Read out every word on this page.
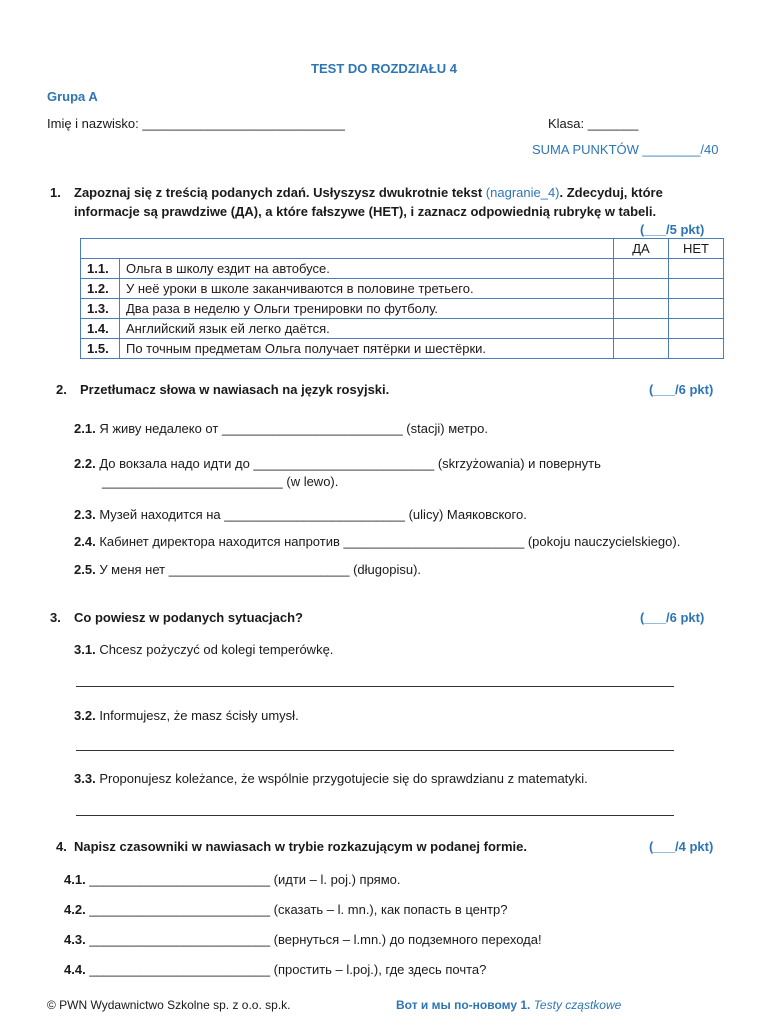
TEST DO ROZDZIAŁU 4
Grupa A
Imię i nazwisko: ____________________________	Klasa: _______
SUMA PUNKTÓW ________/40
1. Zapoznaj się z treścią podanych zdań. Usłyszysz dwukrotnie tekst (nagranie_4). Zdecyduj, które
informacje są prawdziwe (ДА), a które fałszywe (НЕТ), i zaznacz odpowiednią rubrykę w tabeli.
(___/5 pkt)
		ДА	НЕТ
1.1.	Ольга в школу ездит на автобусе.		
1.2.	У неё уроки в школе заканчиваются в половине третьего.		
1.3.	Два раза в неделю у Ольги тренировки по футболу.		
1.4.	Английский язык ей легко даётся.		
1.5.	По точным предметам Ольга получает пятёрки и шестёрки.		
2. Przetłumacz słowa w nawiasach na język rosyjski.	(___/6 pkt)
2.1. Я живу недалеко от _________________________ (stacji) метро.
2.2. До вокзала надо идти до _________________________ (skrzyżowania) и повернуть
_________________________ (w lewo).
2.3. Музей находится на _________________________ (ulicy) Маяковского.
2.4. Кабинет директора находится напротив _________________________ (pokoju nauczycielskiego).
2.5. У меня нет _________________________ (długopisu).
3. Co powiesz w podanych sytuacjach?	(___/6 pkt)
3.1. Chcesz pożyczyć od kolegi temperówkę.
3.2. Informujesz, że masz ścisły umysł.
3.3. Proponujesz koleżance, że wspólnie przygotujecie się do sprawdzianu z matematyki.
4. Napisz czasowniki w nawiasach w trybie rozkazującym w podanej formie.	(___/4 pkt)
4.1. _________________________ (идти – l. poj.) прямо.
4.2. _________________________ (сказать – l. mn.), как попасть в центр?
4.3. _________________________ (вернуться – l.mn.) до подземного перехода!
4.4. _________________________ (простить – l.poj.), где здесь почта?
© PWN Wydawnictwo Szkolne sp. z o.o. sp.k.	Вот и мы по-новому 1. Testy cząstkowe
